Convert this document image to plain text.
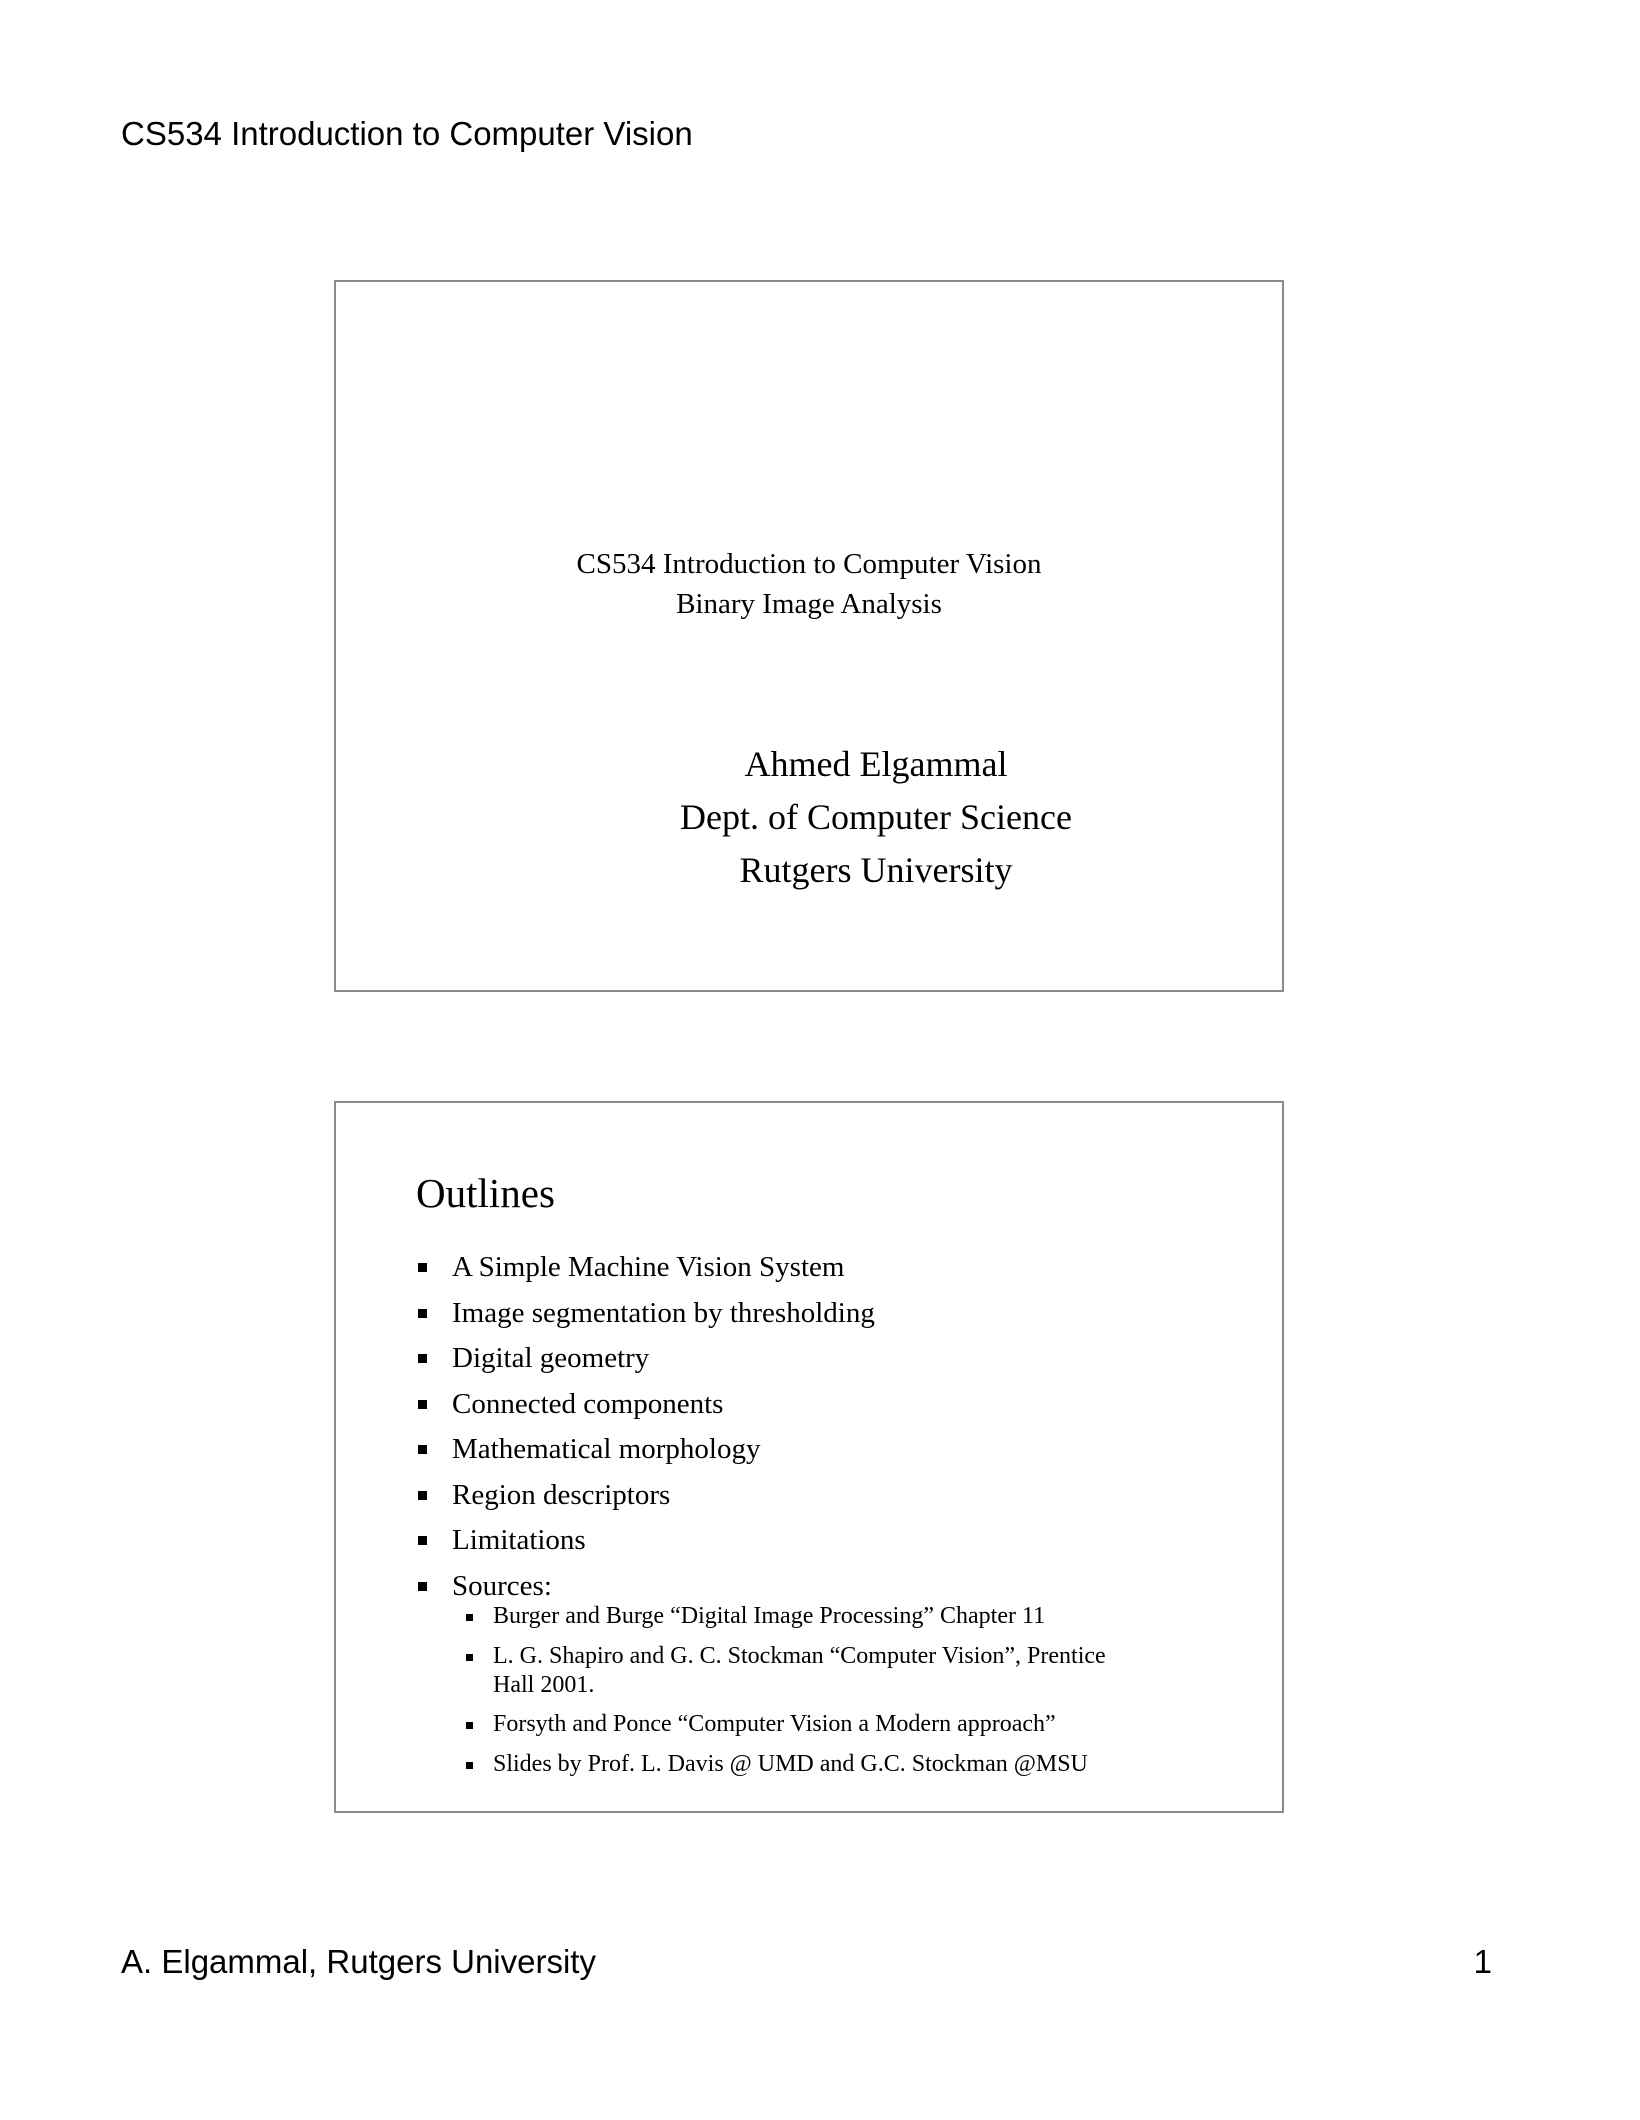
CS534 Introduction to Computer Vision
CS534 Introduction to Computer Vision
Binary Image Analysis
Ahmed Elgammal
Dept. of Computer Science
Rutgers University
Outlines
A Simple Machine Vision System
Image segmentation by thresholding
Digital geometry
Connected components
Mathematical morphology
Region descriptors
Limitations
Sources:
Burger and Burge “Digital Image Processing” Chapter 11
L. G. Shapiro and G. C. Stockman “Computer Vision”, Prentice
Hall 2001.
Forsyth and Ponce “Computer Vision a Modern approach”
Slides by Prof. L. Davis @ UMD and G.C. Stockman @MSU
A. Elgammal, Rutgers University	1
